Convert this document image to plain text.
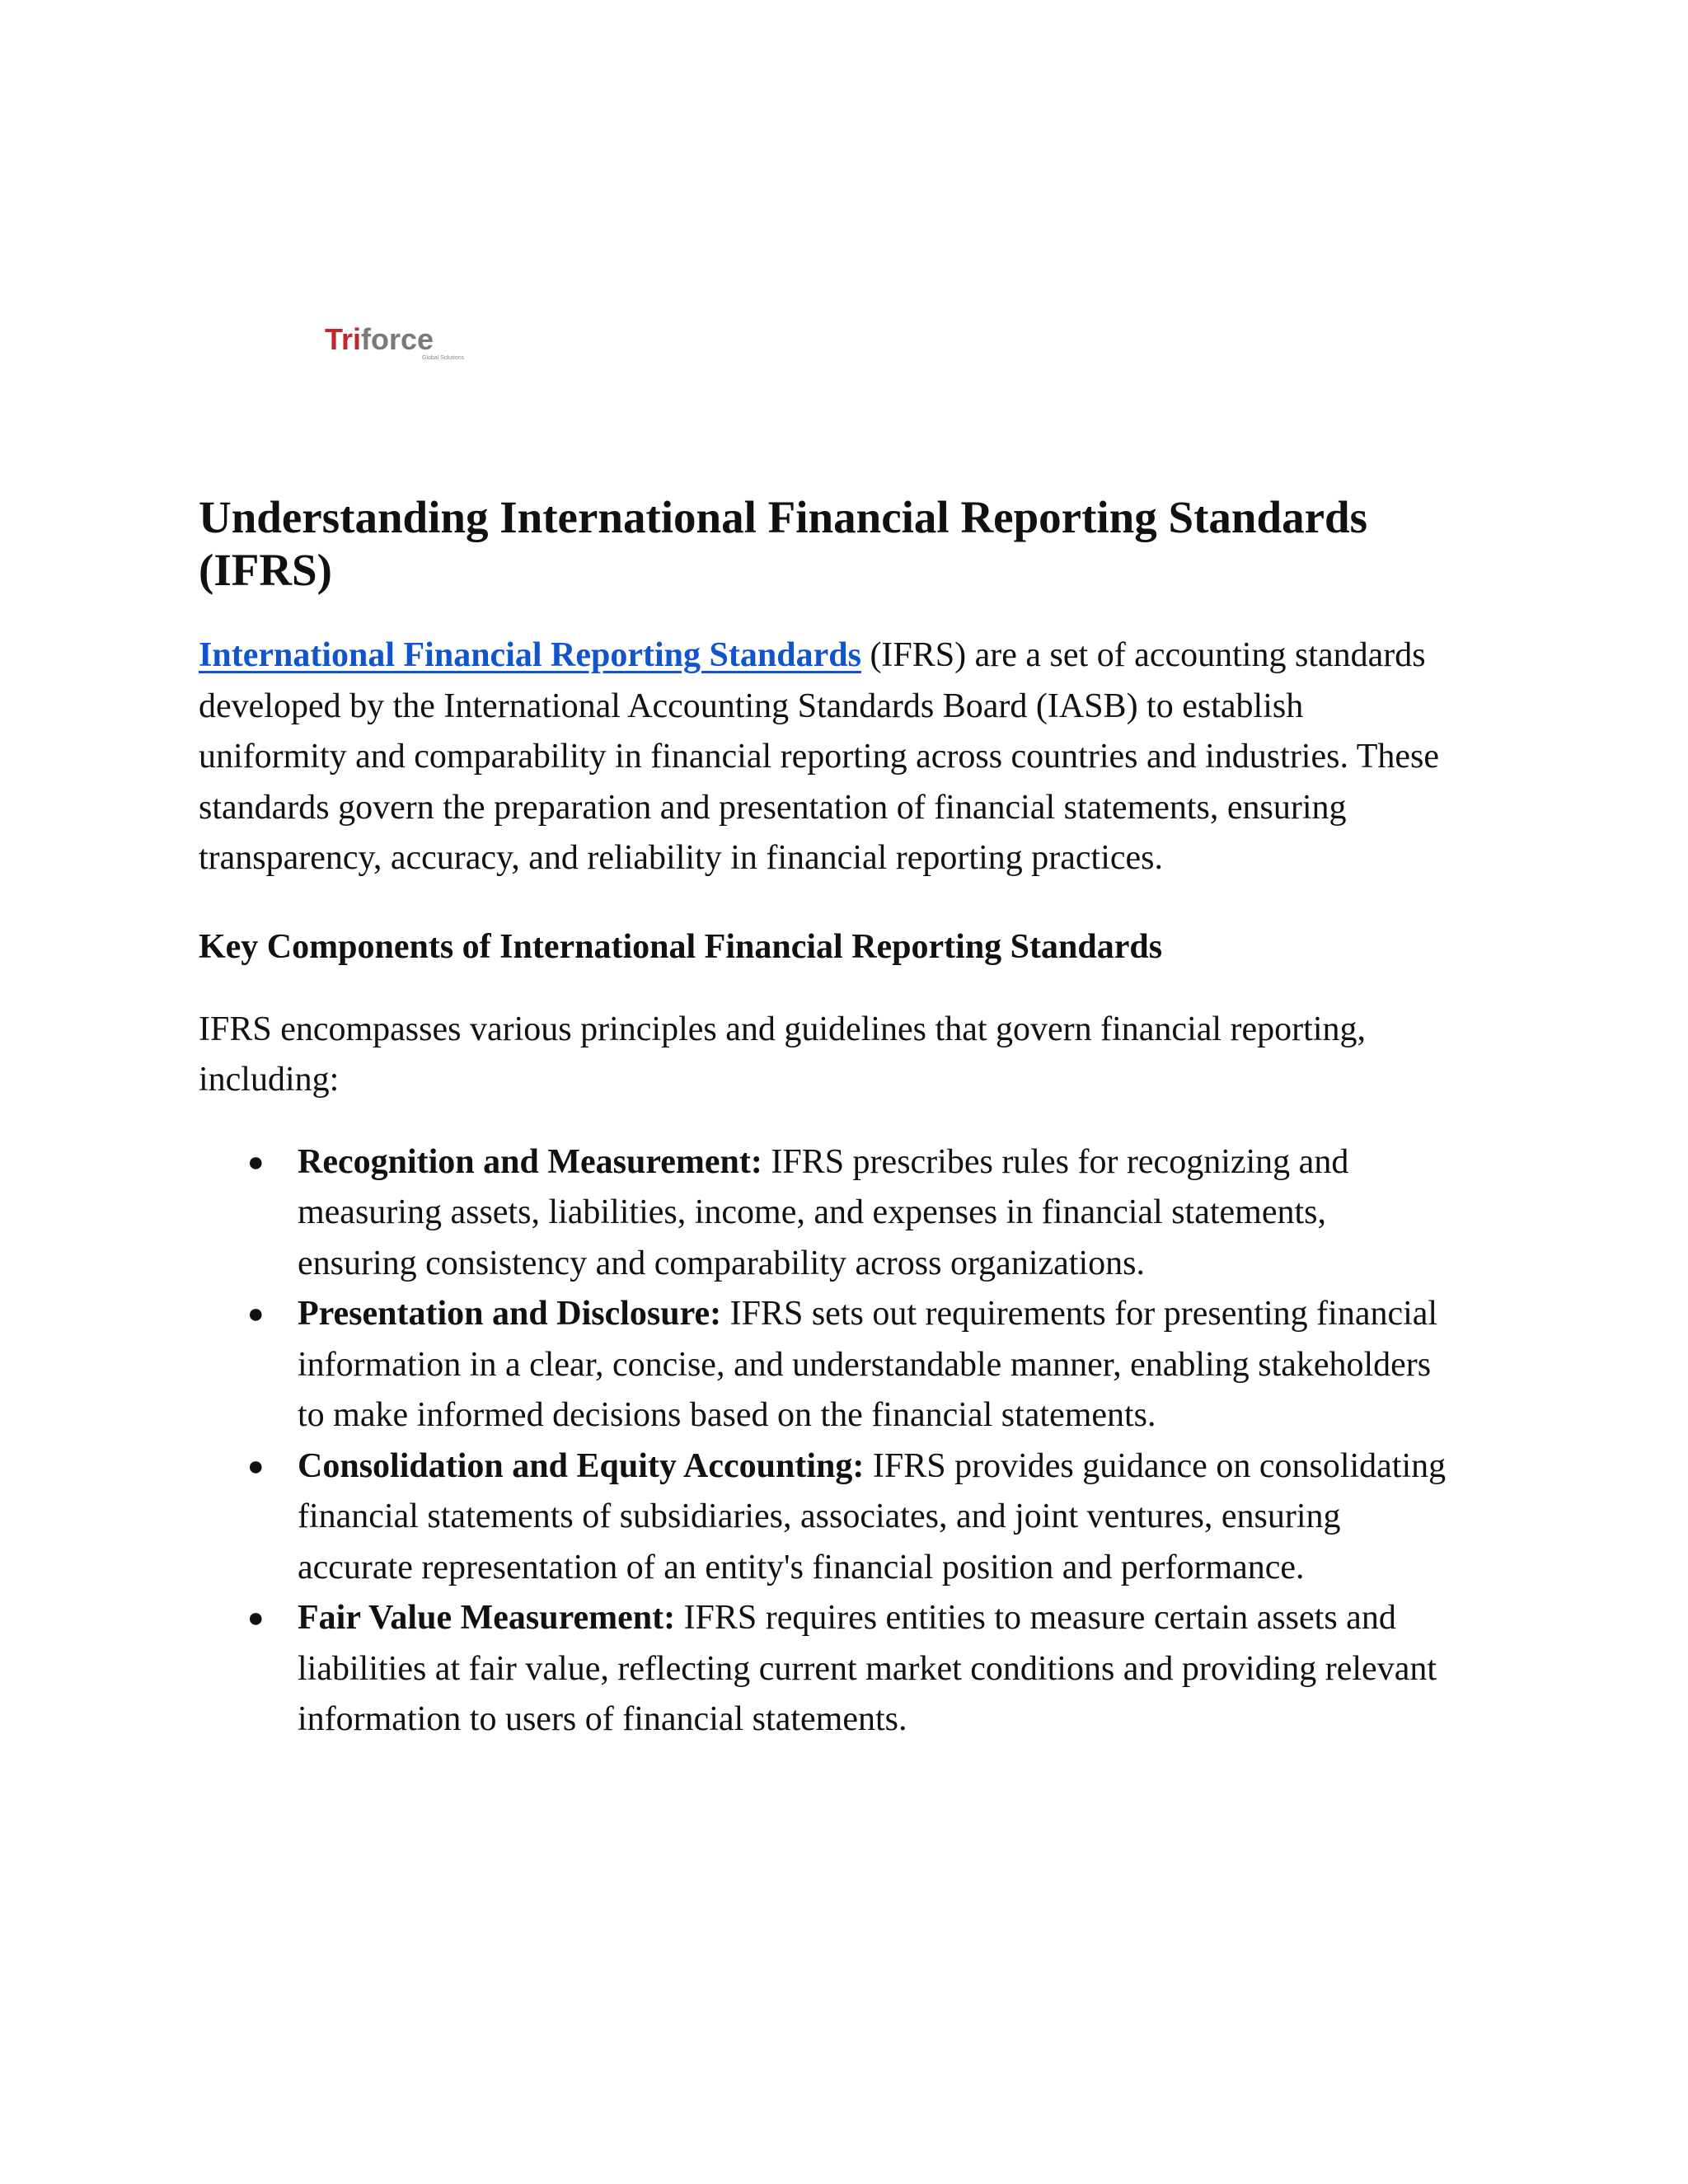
Triforce
Global Solutions
Understanding International Financial Reporting Standards (IFRS)

International Financial Reporting Standards (IFRS) are a set of accounting standards developed by the International Accounting Standards Board (IASB) to establish uniformity and comparability in financial reporting across countries and industries. These standards govern the preparation and presentation of financial statements, ensuring transparency, accuracy, and reliability in financial reporting practices.

Key Components of International Financial Reporting Standards

IFRS encompasses various principles and guidelines that govern financial reporting, including:

● Recognition and Measurement: IFRS prescribes rules for recognizing and measuring assets, liabilities, income, and expenses in financial statements, ensuring consistency and comparability across organizations.
● Presentation and Disclosure: IFRS sets out requirements for presenting financial information in a clear, concise, and understandable manner, enabling stakeholders to make informed decisions based on the financial statements.
● Consolidation and Equity Accounting: IFRS provides guidance on consolidating financial statements of subsidiaries, associates, and joint ventures, ensuring accurate representation of an entity's financial position and performance.
● Fair Value Measurement: IFRS requires entities to measure certain assets and liabilities at fair value, reflecting current market conditions and providing relevant information to users of financial statements.
